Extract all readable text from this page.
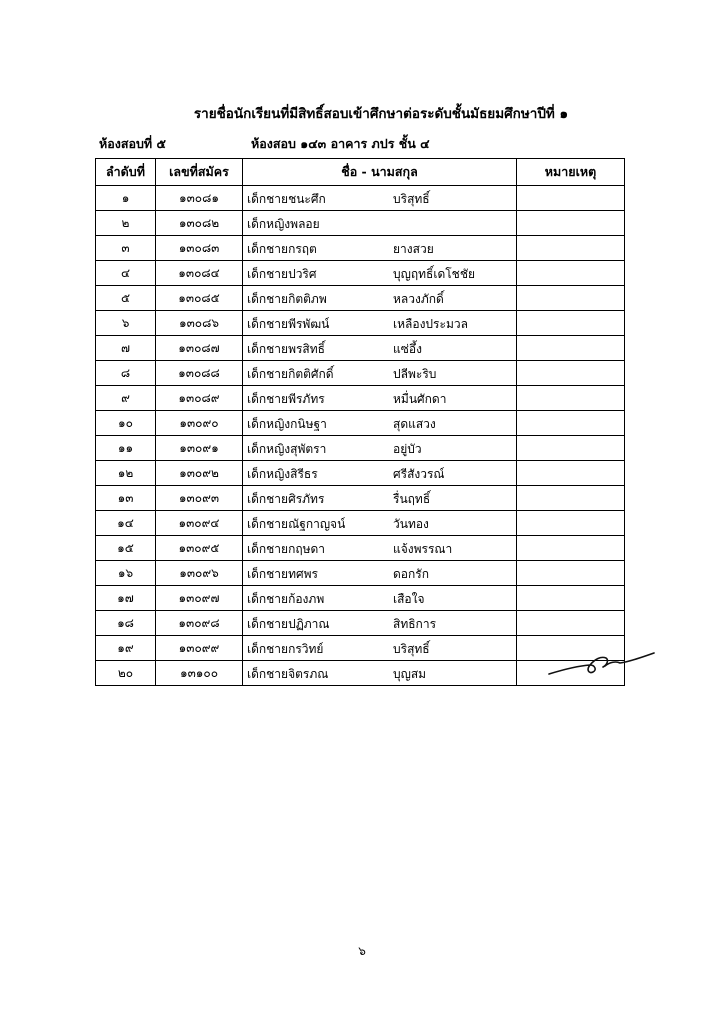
รายชื่อนักเรียนที่มีสิทธิ์สอบเข้าศึกษาต่อระดับชั้นมัธยมศึกษาปีที่ ๑
ห้องสอบที่ ๕	ห้องสอบ ๑๔๓ อาคาร ภปร ชั้น ๔
ลำดับที่	เลขที่สมัคร	ชื่อ - นามสกุล	หมายเหตุ
๑	๑๓๐๘๑	เด็กชายชนะศึก บริสุทธิ์	

๒	๑๓๐๘๒	เด็กหญิงพลอย	

๓	๑๓๐๘๓	เด็กชายกรฤต ยางสวย	

๔	๑๓๐๘๔	เด็กชายปวริศ บุญฤทธิ์เดโชชัย	

๕	๑๓๐๘๕	เด็กชายกิตติภพ หลวงภักดิ์	

๖	๑๓๐๘๖	เด็กชายพีรพัฒน์ เหลืองประมวล	

๗	๑๓๐๘๗	เด็กชายพรสิทธิ์ แซ่อึ้ง	

๘	๑๓๐๘๘	เด็กชายกิตติศักดิ์ ปลีพะริบ	

๙	๑๓๐๘๙	เด็กชายพีรภัทร หมื่นศักดา	

๑๐	๑๓๐๙๐	เด็กหญิงกนิษฐา สุดแสวง	

๑๑	๑๓๐๙๑	เด็กหญิงสุพัตรา อยู่บัว	

๑๒	๑๓๐๙๒	เด็กหญิงสิรีธร ศรีสังวรณ์	

๑๓	๑๓๐๙๓	เด็กชายศิรภัทร รื่นฤทธิ์	

๑๔	๑๓๐๙๔	เด็กชายณัฐกาญจน์ วันทอง	

๑๕	๑๓๐๙๕	เด็กชายกฤษดา แจ้งพรรณา	

๑๖	๑๓๐๙๖	เด็กชายทศพร ดอกรัก	

๑๗	๑๓๐๙๗	เด็กชายก้องภพ เสือใจ	

๑๘	๑๓๐๙๘	เด็กชายปฏิภาณ สิทธิการ	

๑๙	๑๓๐๙๙	เด็กชายกรวิทย์ บริสุทธิ์	

๒๐	๑๓๑๐๐	เด็กชายจิตรภณ บุญสม	

๖
